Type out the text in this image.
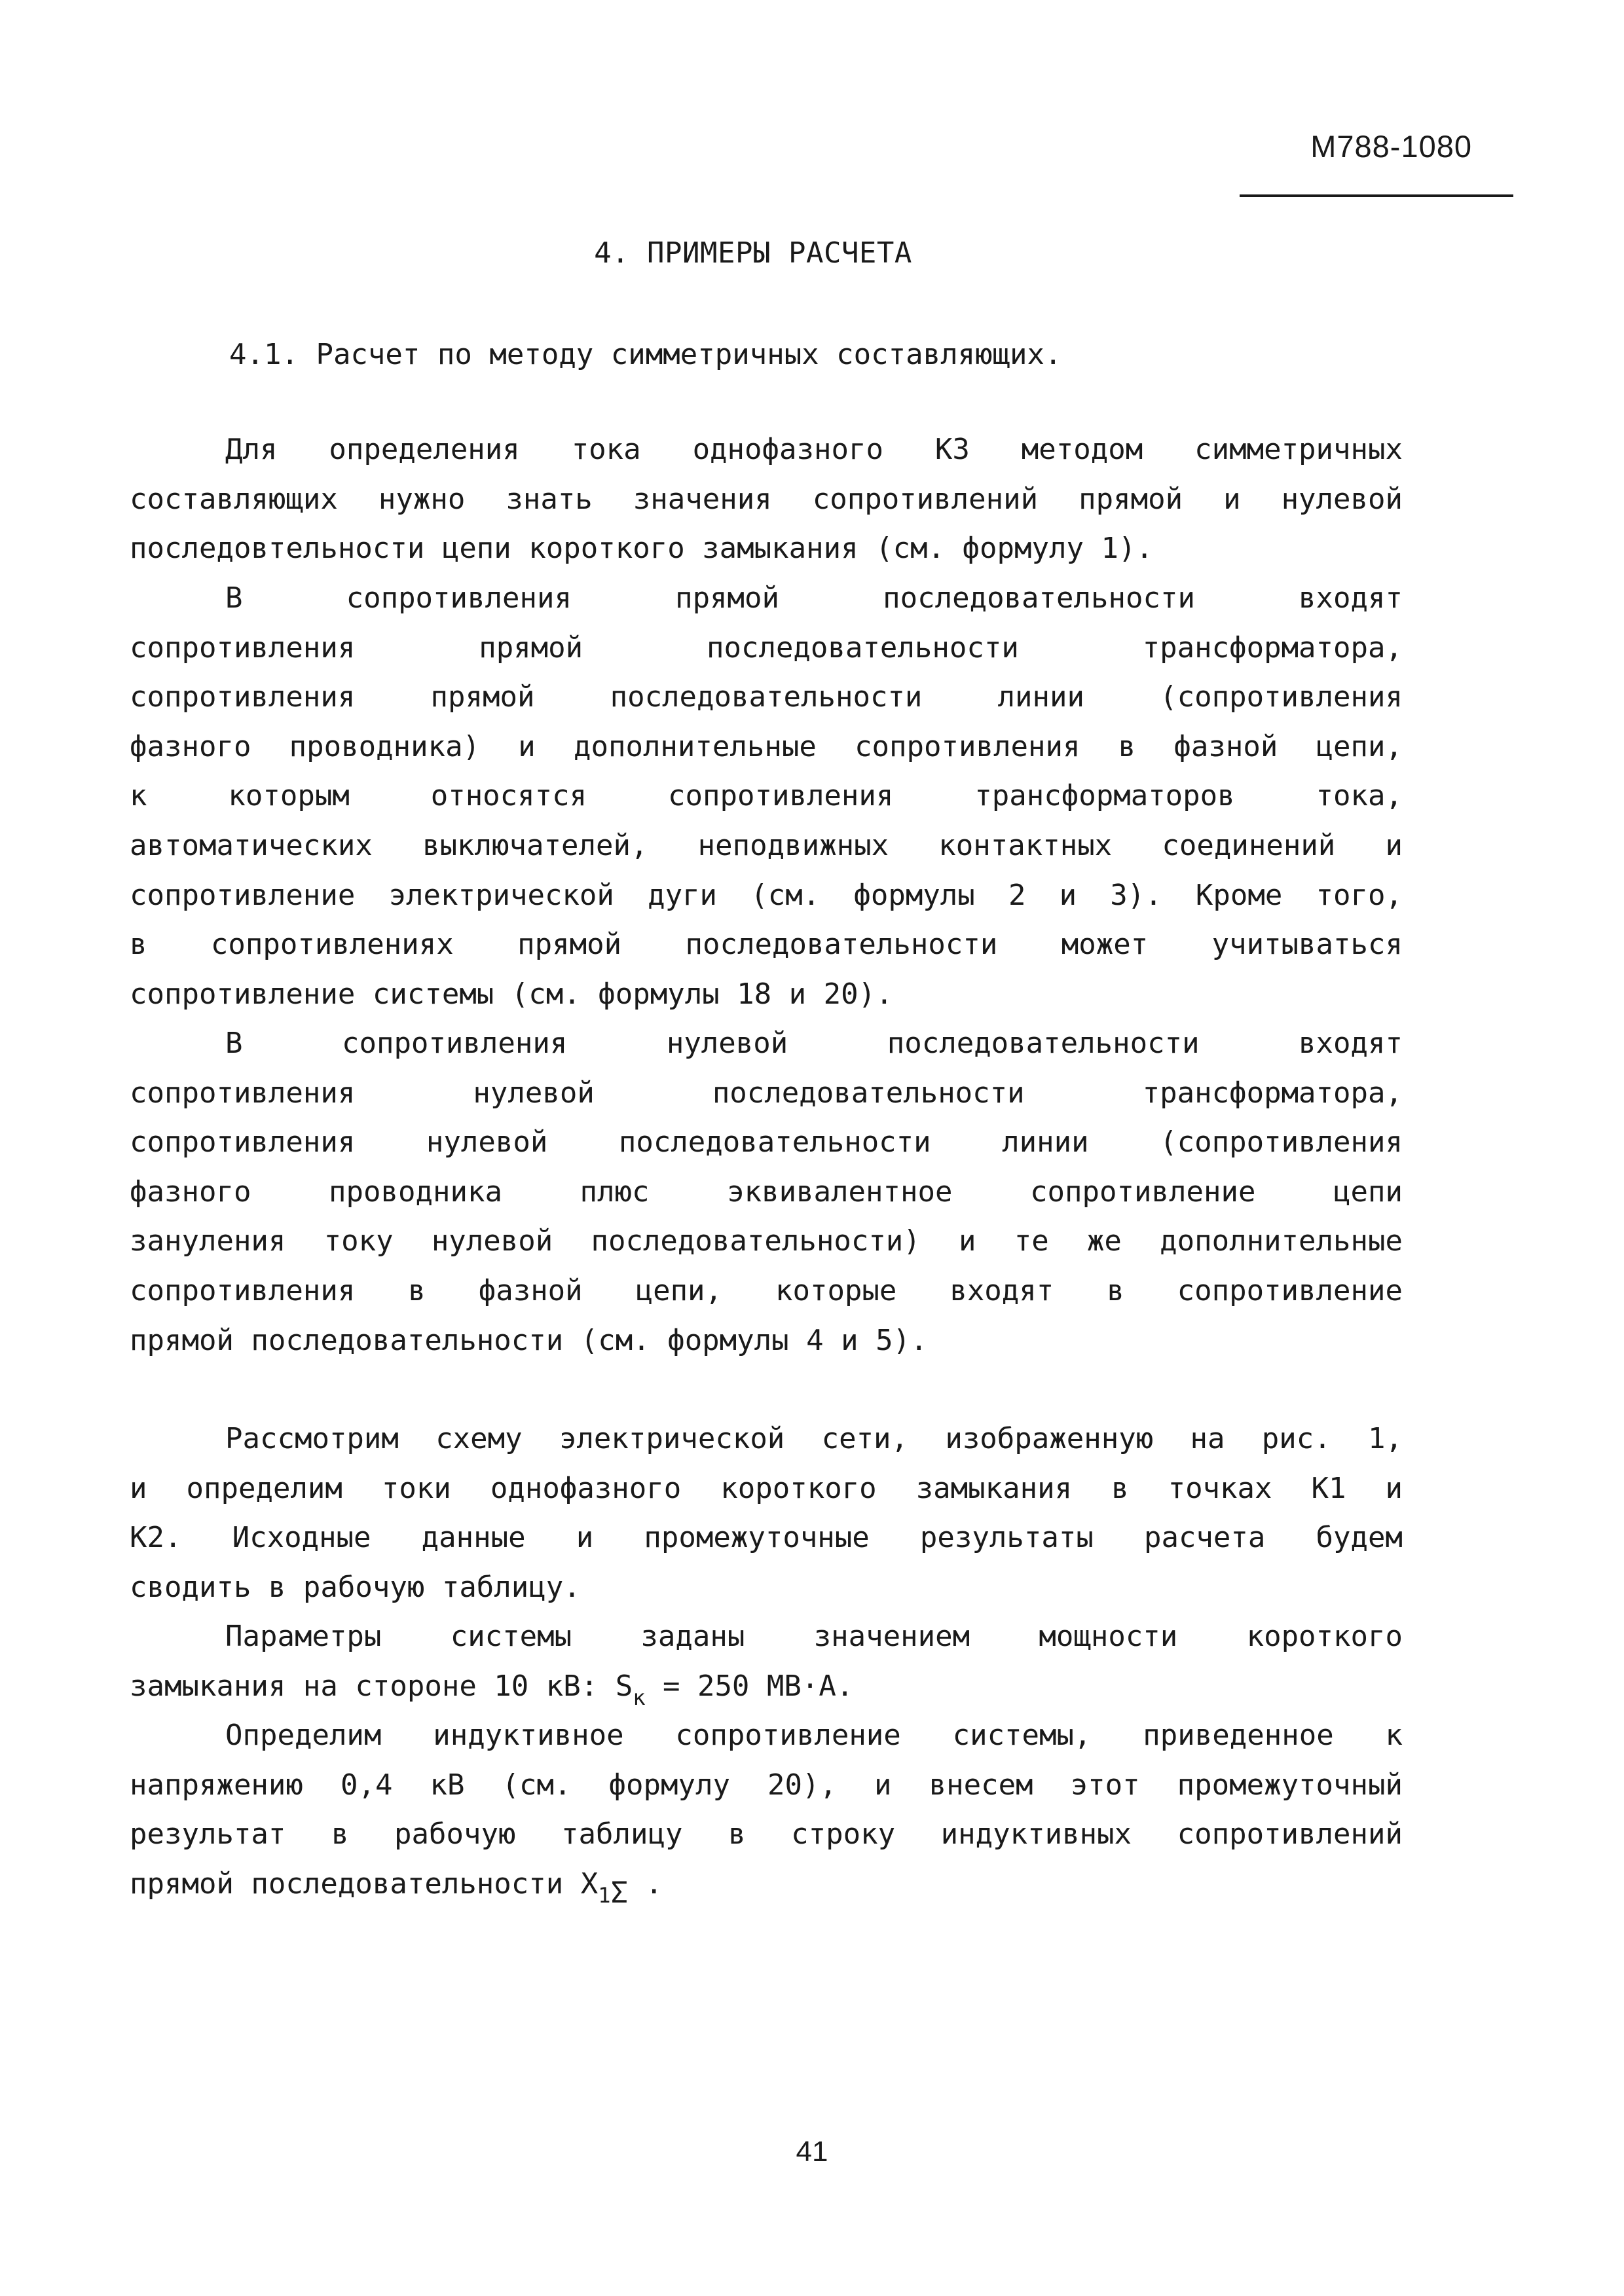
М788-1080
4. ПРИМЕРЫ РАСЧЕТА
4.1. Расчет по методу симметричных составляющих.
Для определения тока однофазного КЗ методом симметричных
составляющих нужно знать значения сопротивлений прямой и нулевой
последовтельности цепи короткого замыкания (см. формулу 1).
В сопротивления прямой последовательности входят
сопротивления прямой последовательности трансформатора,
сопротивления прямой последовательности линии (сопротивления
фазного проводника) и дополнительные сопротивления в фазной цепи,
к которым относятся сопротивления трансформаторов тока,
автоматических выключателей, неподвижных контактных соединений и
сопротивление электрической дуги (см. формулы 2 и 3). Кроме того,
в сопротивлениях прямой последовательности может учитываться
сопротивление системы (см. формулы 18 и 20).
В сопротивления нулевой последовательности входят
сопротивления нулевой последовательности трансформатора,
сопротивления нулевой последовательности линии (сопротивления
фазного проводника плюс эквивалентное сопротивление цепи
зануления току нулевой последовательности) и те же дополнительные
сопротивления в фазной цепи, которые входят в сопротивление
прямой последовательности (см. формулы 4 и 5).
Рассмотрим схему электрической сети, изображенную на рис. 1,
и определим токи однофазного короткого замыкания в точках К1 и
К2. Исходные данные и промежуточные результаты расчета будем
сводить в рабочую таблицу.
Параметры системы заданы значением мощности короткого
замыкания на стороне 10 кВ: $S_к = 250$ МВ·А.
Определим индуктивное сопротивление системы, приведенное к
напряжению 0,4 кВ (см. формулу 20), и внесем этот промежуточный
результат в рабочую таблицу в строку индуктивных сопротивлений
прямой последовательности $X_1\Sigma$ .
41
